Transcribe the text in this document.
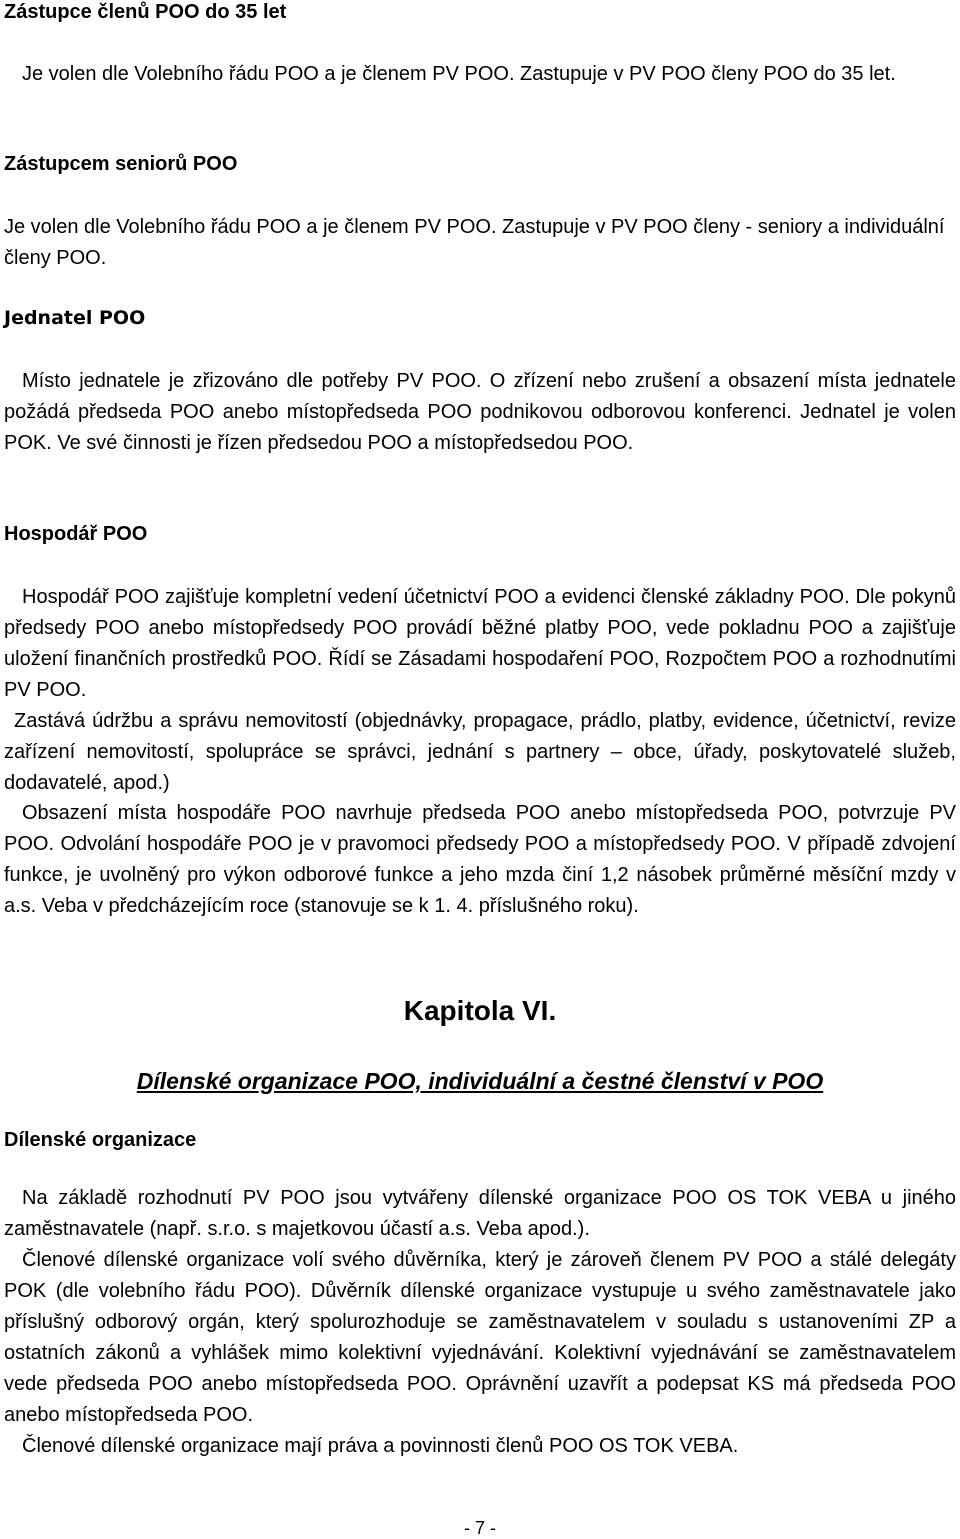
Zástupce členů POO do 35 let
Je volen dle Volebního řádu POO a je členem PV POO. Zastupuje v PV POO členy POO do 35 let.
Zástupcem seniorů POO
Je volen dle Volebního řádu POO a je členem PV POO. Zastupuje v PV POO členy - seniory a individuální členy POO.
Jednatel POO
Místo jednatele je zřizováno dle potřeby PV POO. O zřízení nebo zrušení a obsazení místa jednatele požádá předseda POO anebo místopředseda POO podnikovou odborovou konferenci. Jednatel je volen POK. Ve své činnosti je řízen předsedou POO a místopředsedou POO.
Hospodář POO
Hospodář POO zajišťuje kompletní vedení účetnictví POO a evidenci členské základny POO. Dle pokynů předsedy POO anebo místopředsedy POO provádí běžné platby POO, vede pokladnu POO a zajišťuje uložení finančních prostředků POO. Řídí se Zásadami hospodaření POO, Rozpočtem POO a rozhodnutími PV POO.
Zastává údržbu a správu nemovitostí (objednávky, propagace, prádlo, platby, evidence, účetnictví, revize zařízení nemovitostí, spolupráce se správci, jednání s partnery – obce, úřady, poskytovatelé služeb, dodavatelé, apod.)
Obsazení místa hospodáře POO navrhuje předseda POO anebo místopředseda POO, potvrzuje PV POO. Odvolání hospodáře POO je v pravomoci předsedy POO a místopředsedy POO. V případě zdvojení funkce, je uvolněný pro výkon odborové funkce a jeho mzda činí 1,2 násobek průměrné měsíční mzdy v a.s. Veba v předcházejícím roce (stanovuje se k 1. 4. příslušného roku).
Kapitola VI.
Dílenské organizace POO, individuální a čestné členství v POO
Dílenské organizace
Na základě rozhodnutí PV POO jsou vytvářeny dílenské organizace POO OS TOK VEBA u jiného zaměstnavatele (např. s.r.o. s majetkovou účastí a.s. Veba apod.).
Členové dílenské organizace volí svého důvěrníka, který je zároveň členem PV POO a stálé delegáty POK (dle volebního řádu POO). Důvěrník dílenské organizace vystupuje u svého zaměstnavatele jako příslušný odborový orgán, který spolurozhoduje se zaměstnavatelem v souladu s ustanoveními ZP a ostatních zákonů a vyhlášek mimo kolektivní vyjednávání. Kolektivní vyjednávání se zaměstnavatelem vede předseda POO anebo místopředseda POO. Oprávnění uzavřít a podepsat KS má předseda POO anebo místopředseda POO.
Členové dílenské organizace mají práva a povinnosti členů POO OS TOK VEBA.
- 7 -
